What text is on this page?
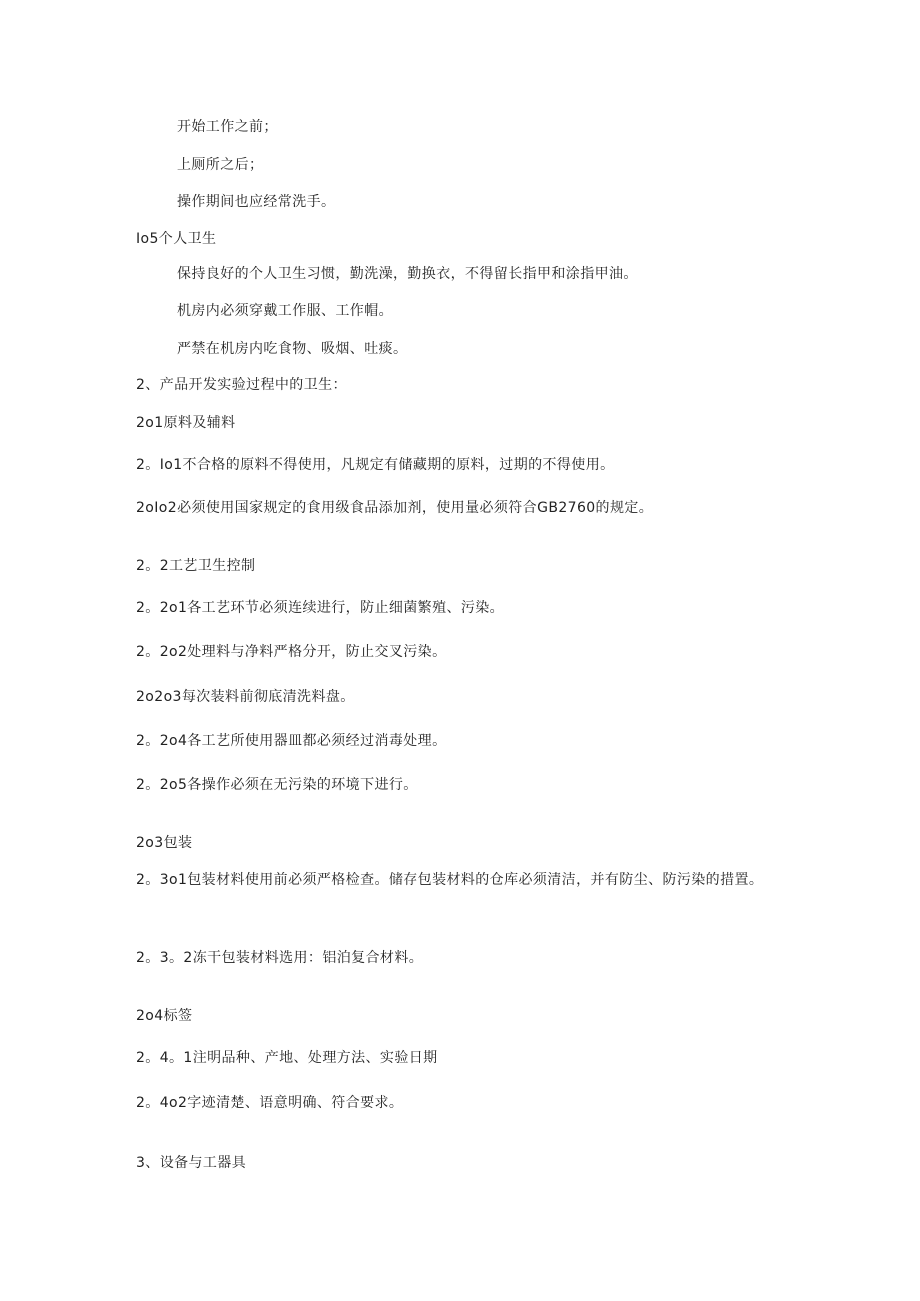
开始工作之前；
上厕所之后；
操作期间也应经常洗手。
Io5个人卫生
保持良好的个人卫生习惯，勤洗澡，勤换衣，不得留长指甲和涂指甲油。
机房内必须穿戴工作服、工作帽。
严禁在机房内吃食物、吸烟、吐痰。
2、产品开发实验过程中的卫生：
2o1原料及辅料
2。Io1不合格的原料不得使用，凡规定有储藏期的原料，过期的不得使用。
2oIo2必须使用国家规定的食用级食品添加剂，使用量必须符合GB2760的规定。
2。2工艺卫生控制
2。2o1各工艺环节必须连续进行，防止细菌繁殖、污染。
2。2o2处理料与净料严格分开，防止交叉污染。
2o2o3每次装料前彻底清洗料盘。
2。2o4各工艺所使用器皿都必须经过消毒处理。
2。2o5各操作必须在无污染的环境下进行。
2o3包装
2。3o1包装材料使用前必须严格检查。储存包装材料的仓库必须清洁，并有防尘、防污染的措置。
2。3。2冻干包装材料选用：铝泊复合材料。
2o4标签
2。4。1注明品种、产地、处理方法、实验日期
2。4o2字迹清楚、语意明确、符合要求。
3、设备与工器具
